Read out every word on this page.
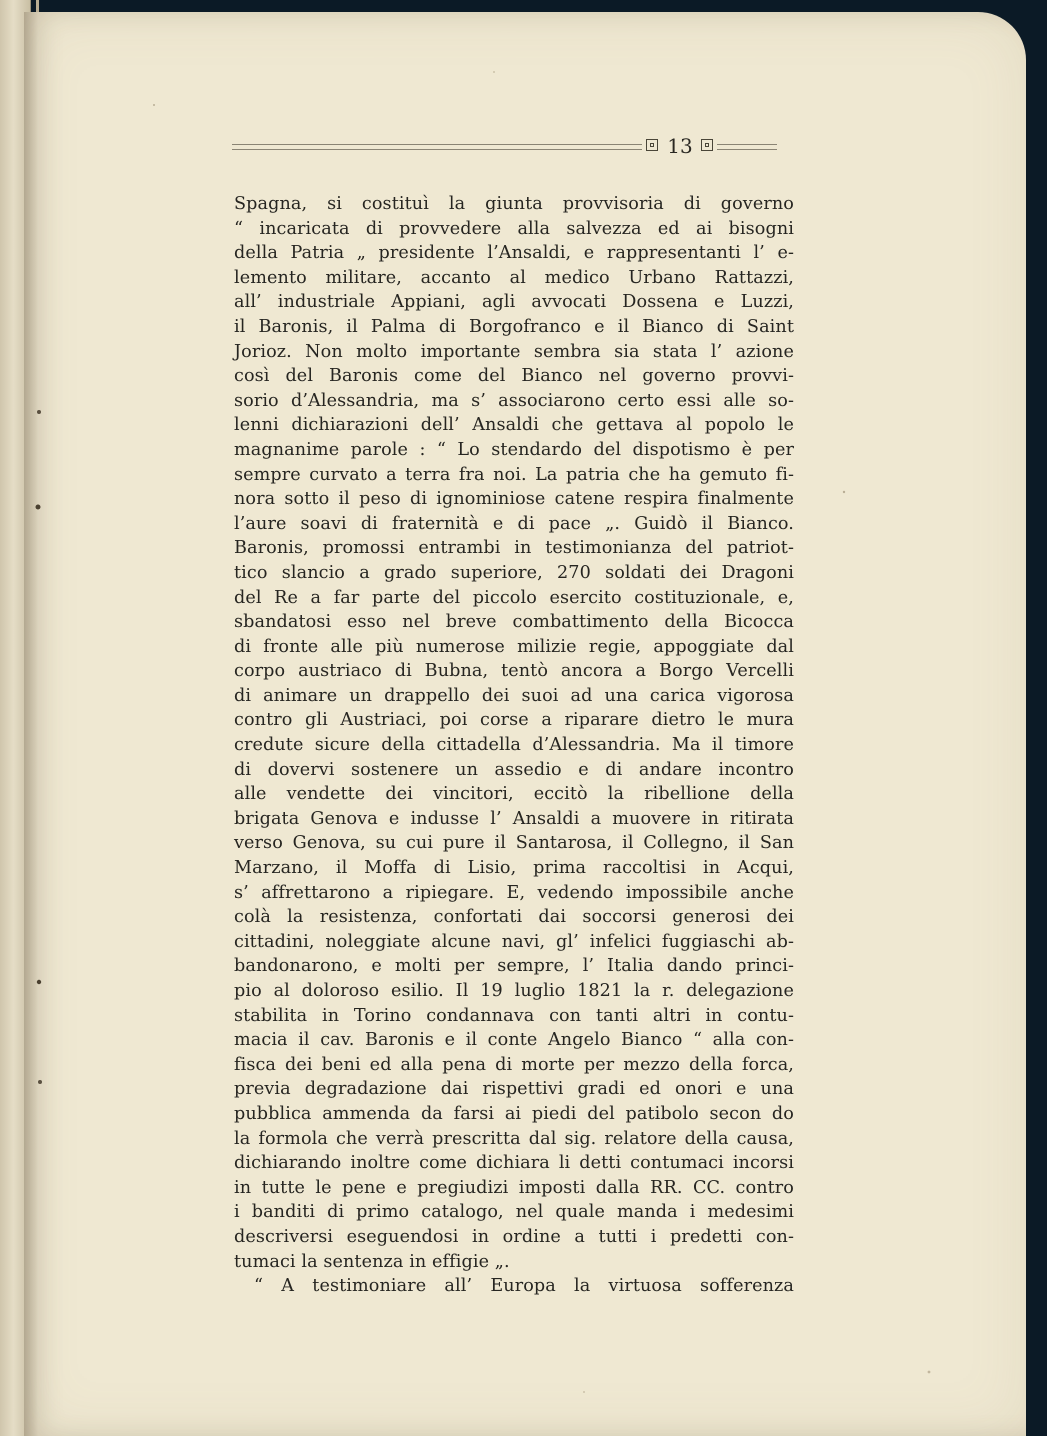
13
Spagna, si costituì la giunta provvisoria di governo
“ incaricata di provvedere alla salvezza ed ai bisogni
della Patria „ presidente l’Ansaldi, e rappresentanti l’ e-
lemento militare, accanto al medico Urbano Rattazzi,
all’ industriale Appiani, agli avvocati Dossena e Luzzi,
il Baronis, il Palma di Borgofranco e il Bianco di Saint
Jorioz. Non molto importante sembra sia stata l’ azione
così del Baronis come del Bianco nel governo provvi-
sorio d’Alessandria, ma s’ associarono certo essi alle so-
lenni dichiarazioni dell’ Ansaldi che gettava al popolo le
magnanime parole : “ Lo stendardo del dispotismo è per
sempre curvato a terra fra noi. La patria che ha gemuto fi-
nora sotto il peso di ignominiose catene respira finalmente
l’aure soavi di fraternità e di pace „. Guidò il Bianco.
Baronis, promossi entrambi in testimonianza del patriot-
tico slancio a grado superiore, 270 soldati dei Dragoni
del Re a far parte del piccolo esercito costituzionale, e,
sbandatosi esso nel breve combattimento della Bicocca
di fronte alle più numerose milizie regie, appoggiate dal
corpo austriaco di Bubna, tentò ancora a Borgo Vercelli
di animare un drappello dei suoi ad una carica vigorosa
contro gli Austriaci, poi corse a riparare dietro le mura
credute sicure della cittadella d’Alessandria. Ma il timore
di dovervi sostenere un assedio e di andare incontro
alle vendette dei vincitori, eccitò la ribellione della
brigata Genova e indusse l’ Ansaldi a muovere in ritirata
verso Genova, su cui pure il Santarosa, il Collegno, il San
Marzano, il Moffa di Lisio, prima raccoltisi in Acqui,
s’ affrettarono a ripiegare. E, vedendo impossibile anche
colà la resistenza, confortati dai soccorsi generosi dei
cittadini, noleggiate alcune navi, gl’ infelici fuggiaschi ab-
bandonarono, e molti per sempre, l’ Italia dando princi-
pio al doloroso esilio. Il 19 luglio 1821 la r. delegazione
stabilita in Torino condannava con tanti altri in contu-
macia il cav. Baronis e il conte Angelo Bianco “ alla con-
fisca dei beni ed alla pena di morte per mezzo della forca,
previa degradazione dai rispettivi gradi ed onori e una
pubblica ammenda da farsi ai piedi del patibolo secon do
la formola che verrà prescritta dal sig. relatore della causa,
dichiarando inoltre come dichiara li detti contumaci incorsi
in tutte le pene e pregiudizi imposti dalla RR. CC. contro
i banditi di primo catalogo, nel quale manda i medesimi
descriversi eseguendosi in ordine a tutti i predetti con-
tumaci la sentenza in effigie „.
“ A testimoniare all’ Europa la virtuosa sofferenza
